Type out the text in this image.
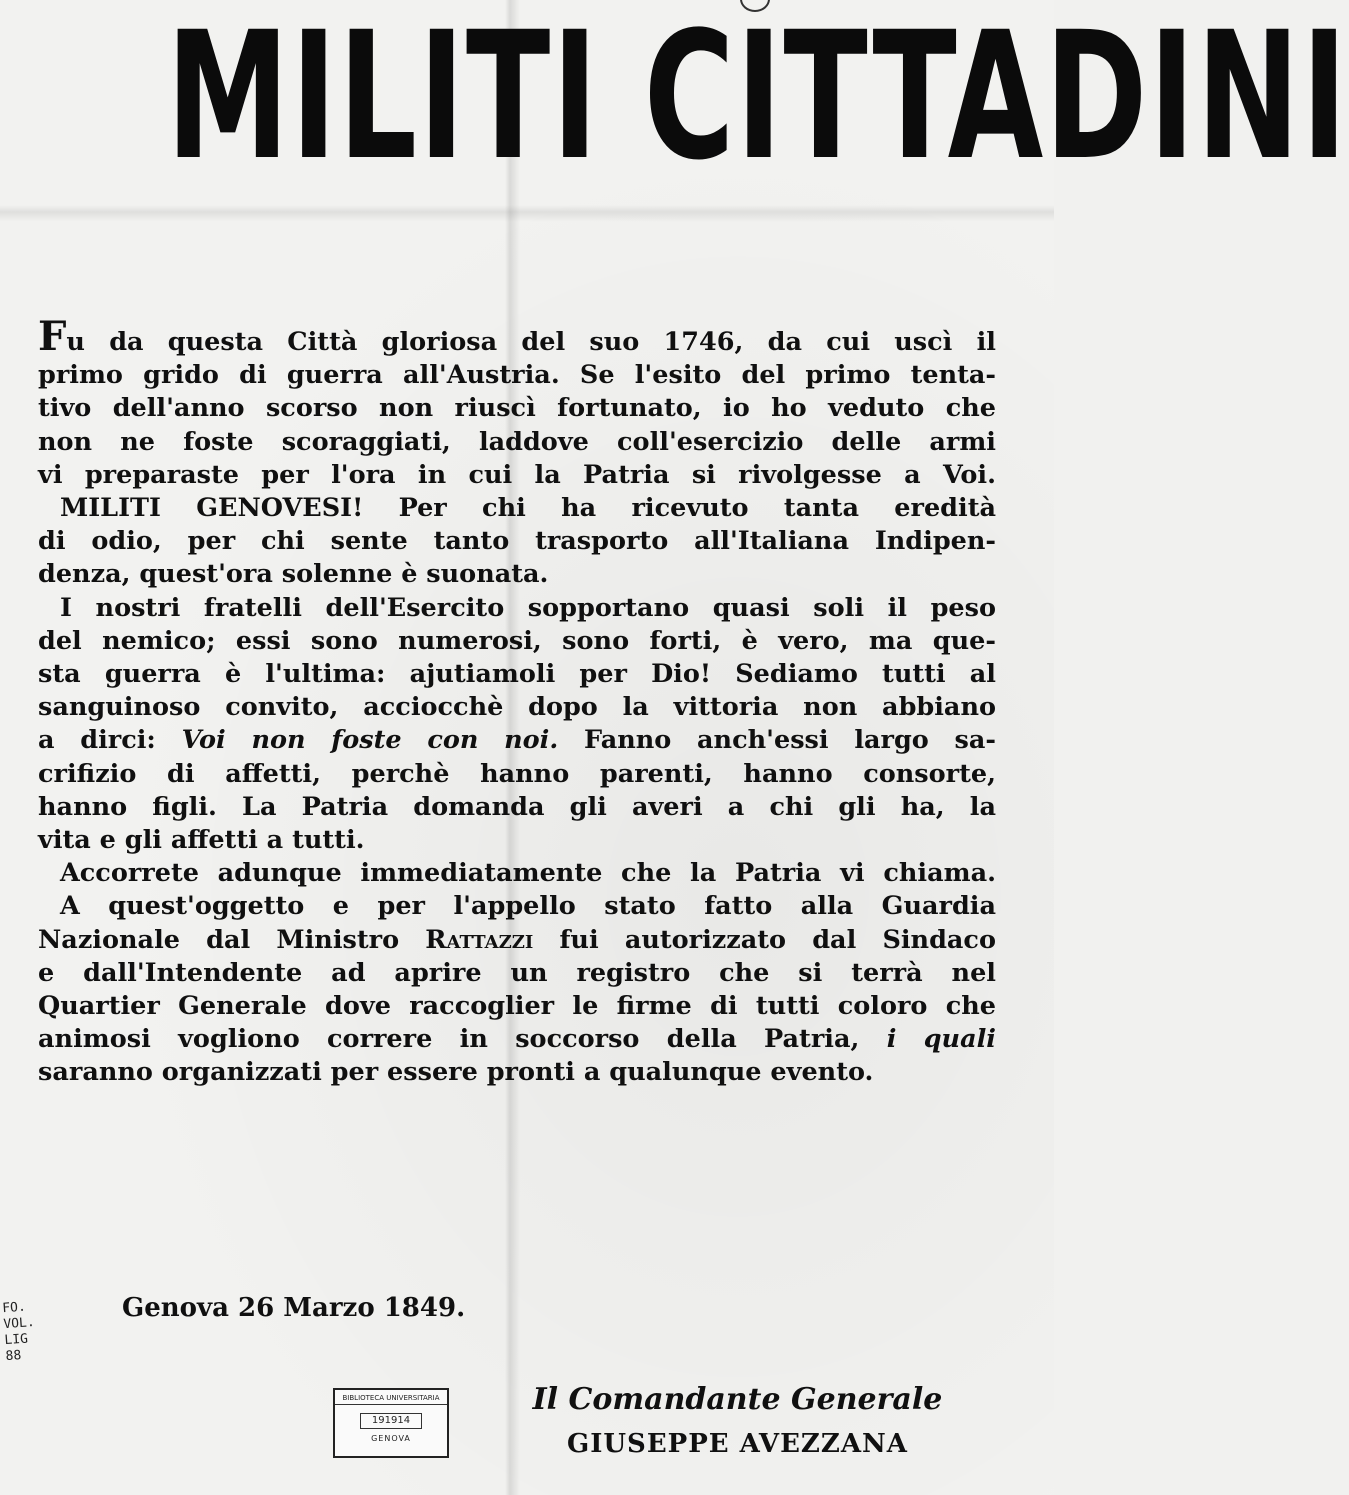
MILITI CITTADINI
Fu da questa Città gloriosa del suo 1746, da cui uscì il
primo grido di guerra all'Austria. Se l'esito del primo tenta-
tivo dell'anno scorso non riuscì fortunato, io ho veduto che
non ne foste scoraggiati, laddove coll'esercizio delle armi
vi preparaste per l'ora in cui la Patria si rivolgesse a Voi.
MILITI GENOVESI! Per chi ha ricevuto tanta eredità
di odio, per chi sente tanto trasporto all'Italiana Indipen-
denza, quest'ora solenne è suonata.
I nostri fratelli dell'Esercito sopportano quasi soli il peso
del nemico; essi sono numerosi, sono forti, è vero, ma que-
sta guerra è l'ultima: ajutiamoli per Dio! Sediamo tutti al
sanguinoso convito, acciocchè dopo la vittoria non abbiano
a dirci: Voi non foste con noi. Fanno anch'essi largo sa-
crifizio di affetti, perchè hanno parenti, hanno consorte,
hanno figli. La Patria domanda gli averi a chi gli ha, la
vita e gli affetti a tutti.
Accorrete adunque immediatamente che la Patria vi chiama.
A quest'oggetto e per l'appello stato fatto alla Guardia
Nazionale dal Ministro Rattazzi fui autorizzato dal Sindaco
e dall'Intendente ad aprire un registro che si terrà nel
Quartier Generale dove raccoglier le firme di tutti coloro che
animosi vogliono correre in soccorso della Patria, i quali
saranno organizzati per essere pronti a qualunque evento.
Genova 26 Marzo 1849.
FO.
VOL.
LIG
88
BIBLIOTECA UNIVERSITARIA
191914
GENOVA
Il Comandante Generale
GIUSEPPE AVEZZANA
